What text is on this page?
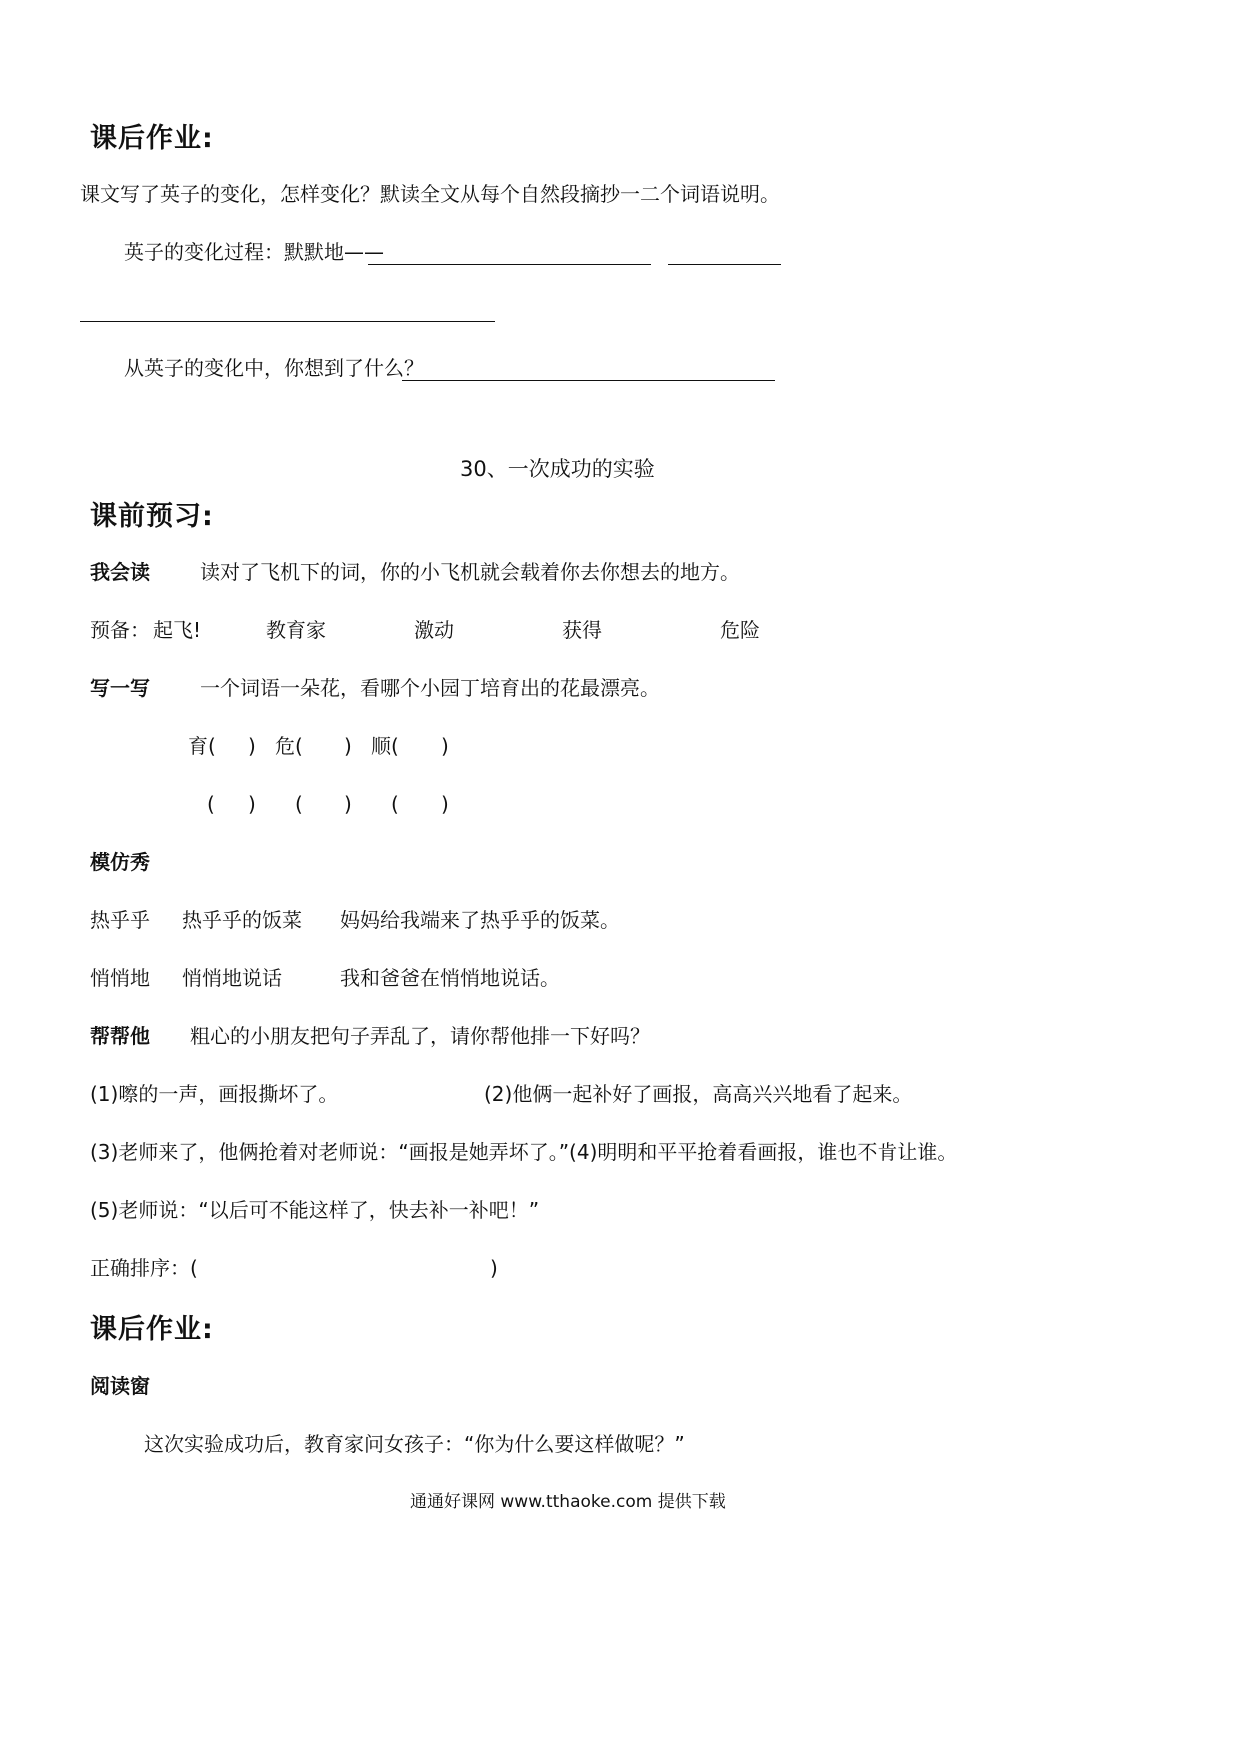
课后作业:
课文写了英子的变化，怎样变化？默读全文从每个自然段摘抄一二个词语说明。
英子的变化过程：默默地——
从英子的变化中，你想到了什么？
30、一次成功的实验
课前预习:
我会读	读对了飞机下的词，你的小飞机就会载着你去你想去的地方。
预备： 起飞!	教育家	激动	获得	危险
写一写	一个词语一朵花，看哪个小园丁培育出的花最漂亮。
育( ) 危( ) 顺( )
( ) ( ) ( )
模仿秀
热乎乎 热乎乎的饭菜 妈妈给我端来了热乎乎的饭菜。
悄悄地 悄悄地说话	我和爸爸在悄悄地说话。
帮帮他 粗心的小朋友把句子弄乱了，请你帮他排一下好吗？
(1)嚓的一声，画报撕坏了。	(2)他俩一起补好了画报，高高兴兴地看了起来。
(3)老师来了，他俩抢着对老师说：“画报是她弄坏了。”(4)明明和平平抢着看画报，谁也不肯让谁。
(5)老师说：“以后可不能这样了，快去补一补吧！”
正确排序：(	)
课后作业:
阅读窗
这次实验成功后，教育家问女孩子：“你为什么要这样做呢？”
通通好课网 www.tthaoke.com 提供下载
